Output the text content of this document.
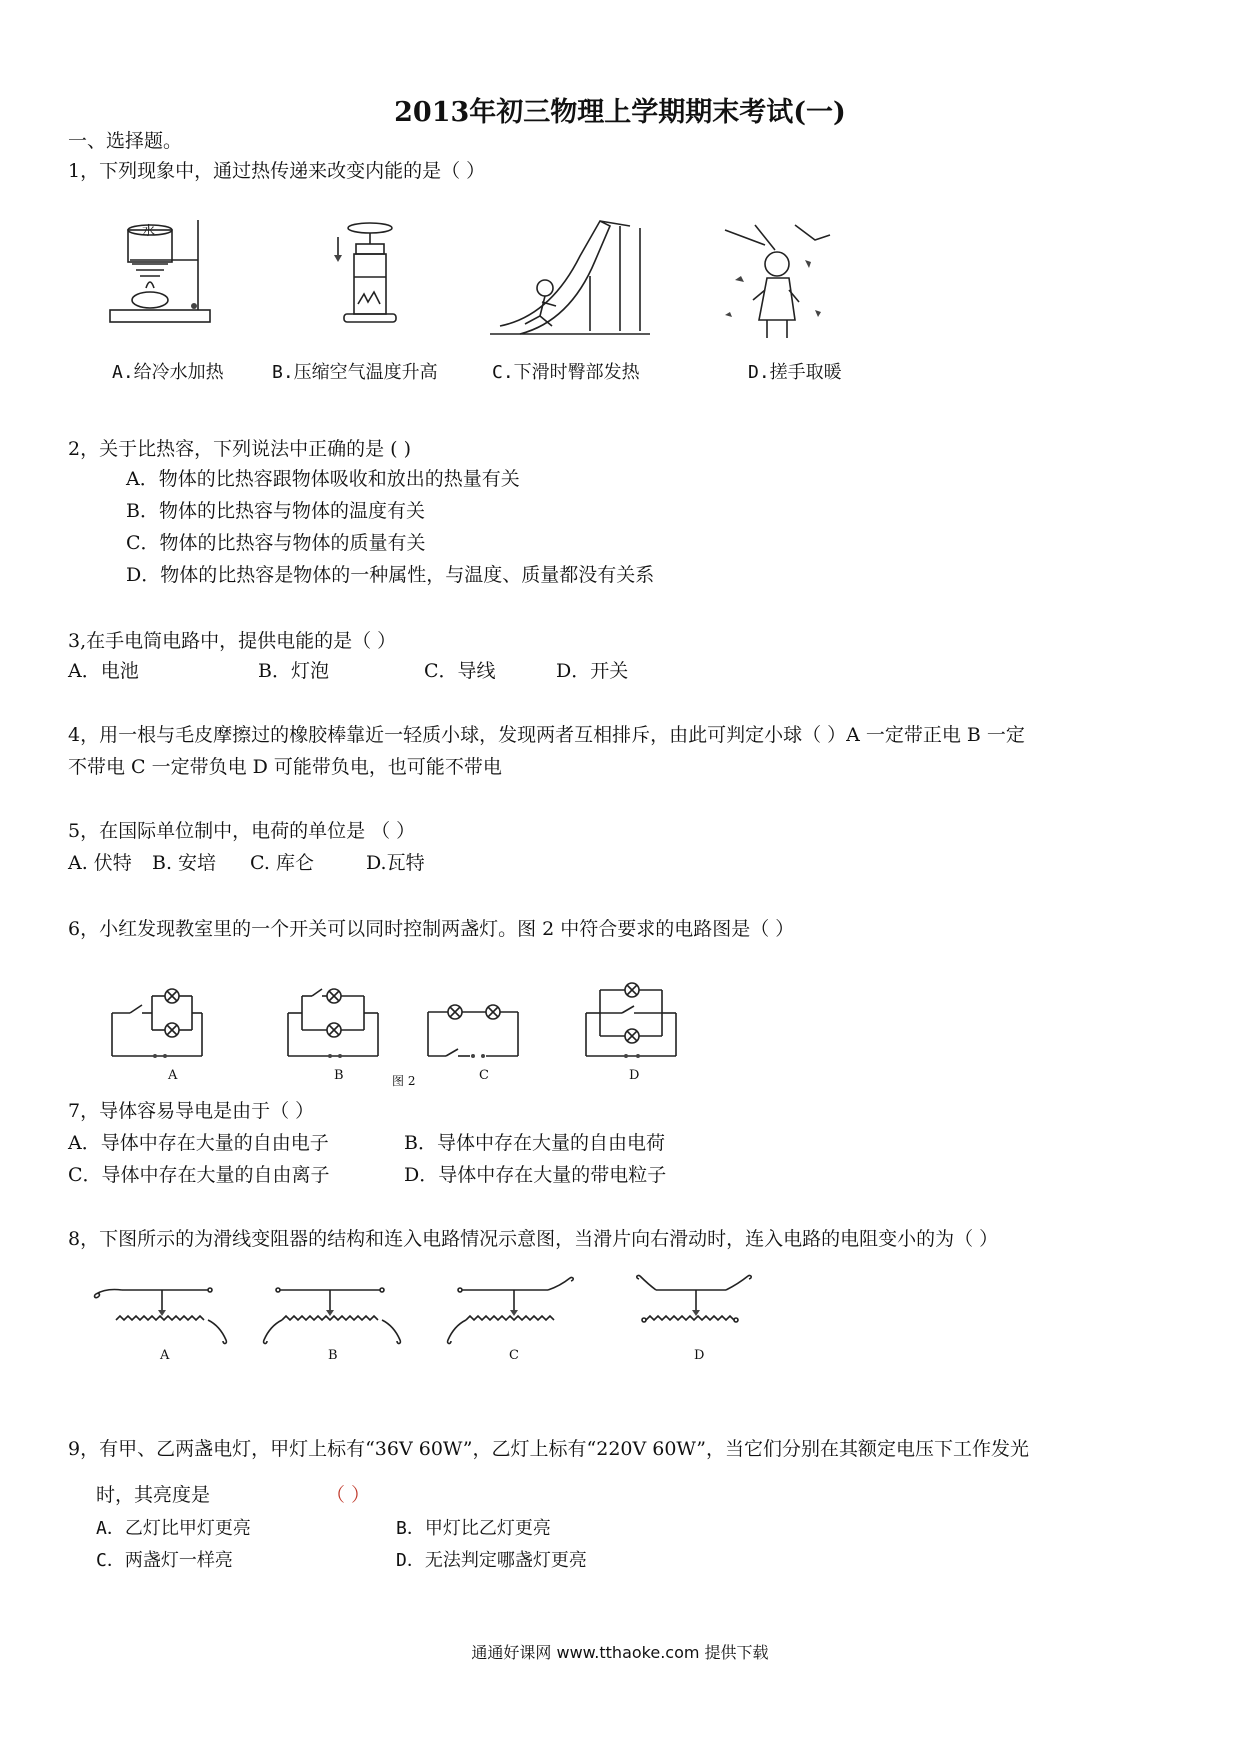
2013年初三物理上学期期末考试(一)
一、选择题。
1，下列现象中，通过热传递来改变内能的是（ ）
水
A.给冷水加热	B.压缩空气温度升高	C.下滑时臀部发热	D.搓手取暖
2，关于比热容，下列说法中正确的是 ( )
A．物体的比热容跟物体吸收和放出的热量有关
B．物体的比热容与物体的温度有关
C．物体的比热容与物体的质量有关
D．物体的比热容是物体的一种属性，与温度、质量都没有关系
3,在手电筒电路中，提供电能的是（ ）
A．电池	B．灯泡	C．导线	D．开关
4，用一根与毛皮摩擦过的橡胶棒靠近一轻质小球，发现两者互相排斥，由此可判定小球（ ）A 一定带正电 B 一定
不带电 C 一定带负电 D 可能带负电，也可能不带电
5，在国际单位制中，电荷的单位是 （ ）
A. 伏特 B. 安培 C. 库仑	D.瓦特
6，小红发现教室里的一个开关可以同时控制两盏灯。图 2 中符合要求的电路图是（ ）
A	B	图 2	C	D
7，导体容易导电是由于（ ）
A．导体中存在大量的自由电子	B．导体中存在大量的自由电荷
C．导体中存在大量的自由离子	D．导体中存在大量的带电粒子
8，下图所示的为滑线变阻器的结构和连入电路情况示意图，当滑片向右滑动时，连入电路的电阻变小的为（ ）
A	B	C	D
9，有甲、乙两盏电灯，甲灯上标有“36V 60W”，乙灯上标有“220V 60W”，当它们分别在其额定电压下工作发光
时，其亮度是	（ ）
A．乙灯比甲灯更亮	B．甲灯比乙灯更亮
C．两盏灯一样亮	D．无法判定哪盏灯更亮
通通好课网 www.tthaoke.com 提供下载
